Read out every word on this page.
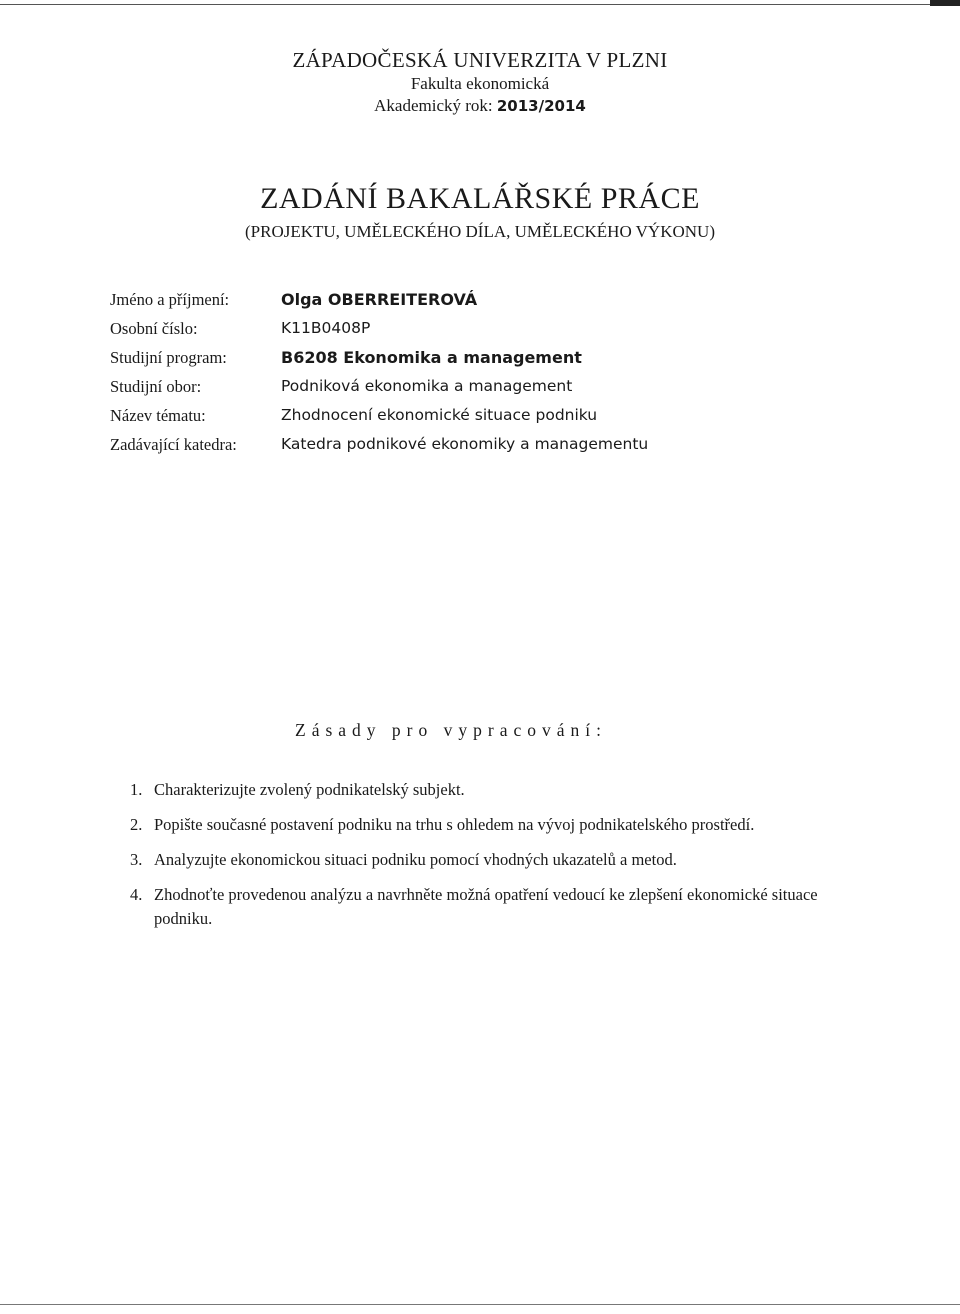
ZÁPADOČESKÁ UNIVERZITA V PLZNI
Fakulta ekonomická
Akademický rok: 2013/2014
ZADÁNÍ BAKALÁŘSKÉ PRÁCE
(PROJEKTU, UMĚLECKÉHO DÍLA, UMĚLECKÉHO VÝKONU)
Jméno a příjmení:	Olga OBERREITEROVÁ
Osobní číslo:	K11B0408P
Studijní program:	B6208 Ekonomika a management
Studijní obor:	Podniková ekonomika a management
Název tématu:	Zhodnocení ekonomické situace podniku
Zadávající katedra:	Katedra podnikové ekonomiky a managementu
Zásady pro vypracování:
1. Charakterizujte zvolený podnikatelský subjekt.
2. Popište současné postavení podniku na trhu s ohledem na vývoj podnikatelského prostředí.
3. Analyzujte ekonomickou situaci podniku pomocí vhodných ukazatelů a metod.
4. Zhodnoťte provedenou analýzu a navrhněte možná opatření vedoucí ke zlepšení ekonomické situace podniku.
